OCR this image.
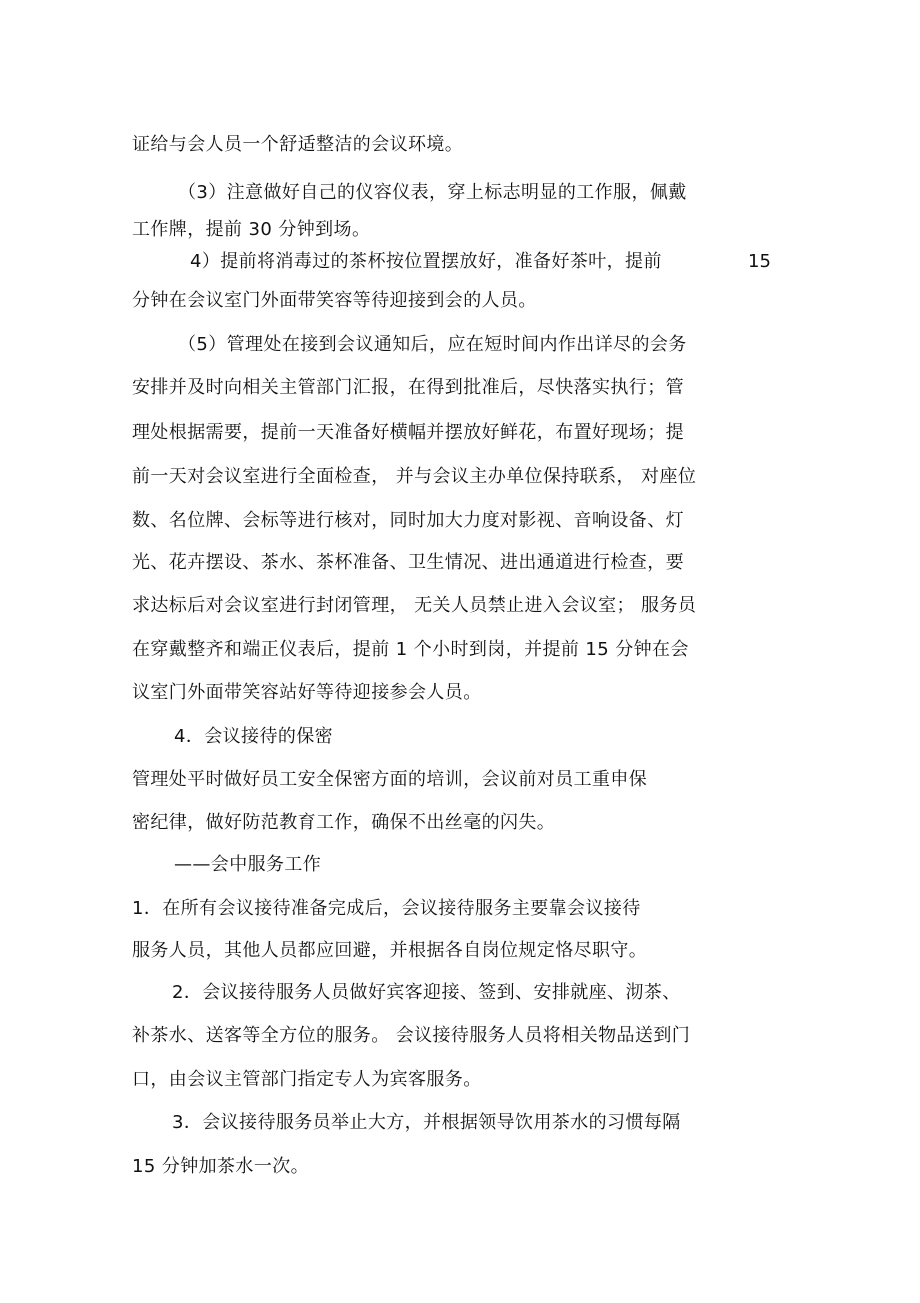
证给与会人员一个舒适整洁的会议环境。
（3）注意做好自己的仪容仪表，穿上标志明显的工作服，佩戴
工作牌，提前 30 分钟到场。
4）提前将消毒过的茶杯按位置摆放好，准备好茶叶，提前	15
分钟在会议室门外面带笑容等待迎接到会的人员。
（5）管理处在接到会议通知后，应在短时间内作出详尽的会务
安排并及时向相关主管部门汇报，在得到批准后，尽快落实执行；管
理处根据需要，提前一天准备好横幅并摆放好鲜花，布置好现场；提
前一天对会议室进行全面检查， 并与会议主办单位保持联系， 对座位
数、名位牌、会标等进行核对，同时加大力度对影视、音响设备、灯
光、花卉摆设、茶水、茶杯准备、卫生情况、进出通道进行检查，要
求达标后对会议室进行封闭管理， 无关人员禁止进入会议室； 服务员
在穿戴整齐和端正仪表后，提前 1 个小时到岗，并提前 15 分钟在会
议室门外面带笑容站好等待迎接参会人员。
4．会议接待的保密
管理处平时做好员工安全保密方面的培训，会议前对员工重申保
密纪律，做好防范教育工作，确保不出丝毫的闪失。
——会中服务工作
1．在所有会议接待准备完成后，会议接待服务主要靠会议接待
服务人员，其他人员都应回避，并根据各自岗位规定恪尽职守。
2．会议接待服务人员做好宾客迎接、签到、安排就座、沏茶、
补茶水、送客等全方位的服务。 会议接待服务人员将相关物品送到门
口，由会议主管部门指定专人为宾客服务。
3．会议接待服务员举止大方，并根据领导饮用茶水的习惯每隔
15 分钟加茶水一次。
